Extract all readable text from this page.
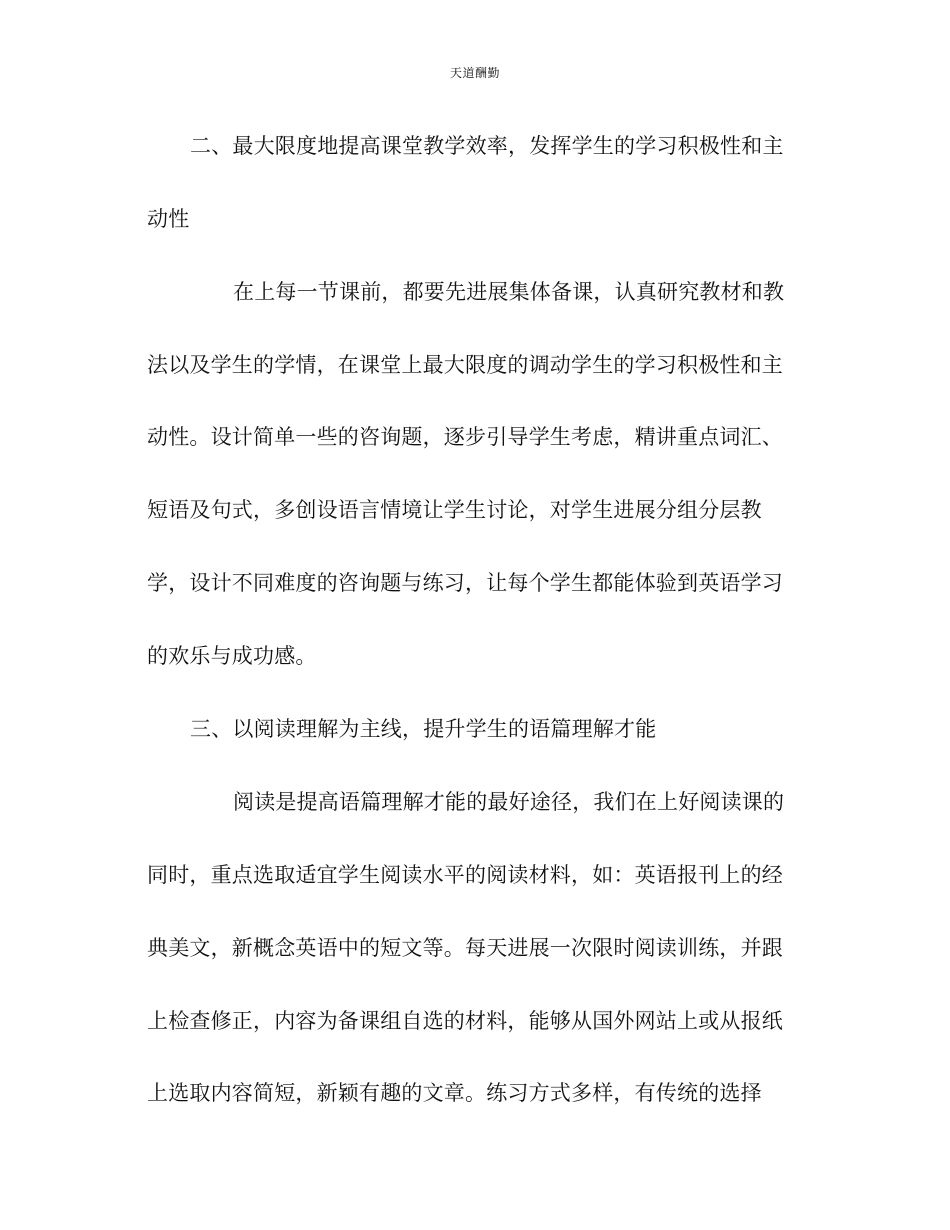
天道酬勤
二、最大限度地提高课堂教学效率，发挥学生的学习积极性和主
动性
在上每一节课前，都要先进展集体备课，认真研究教材和教
法以及学生的学情，在课堂上最大限度的调动学生的学习积极性和主
动性。设计简单一些的咨询题，逐步引导学生考虑，精讲重点词汇、
短语及句式，多创设语言情境让学生讨论，对学生进展分组分层教
学，设计不同难度的咨询题与练习，让每个学生都能体验到英语学习
的欢乐与成功感。
三、以阅读理解为主线，提升学生的语篇理解才能
阅读是提高语篇理解才能的最好途径，我们在上好阅读课的
同时，重点选取适宜学生阅读水平的阅读材料，如：英语报刊上的经
典美文，新概念英语中的短文等。每天进展一次限时阅读训练，并跟
上检查修正，内容为备课组自选的材料，能够从国外网站上或从报纸
上选取内容简短，新颖有趣的文章。练习方式多样，有传统的选择
